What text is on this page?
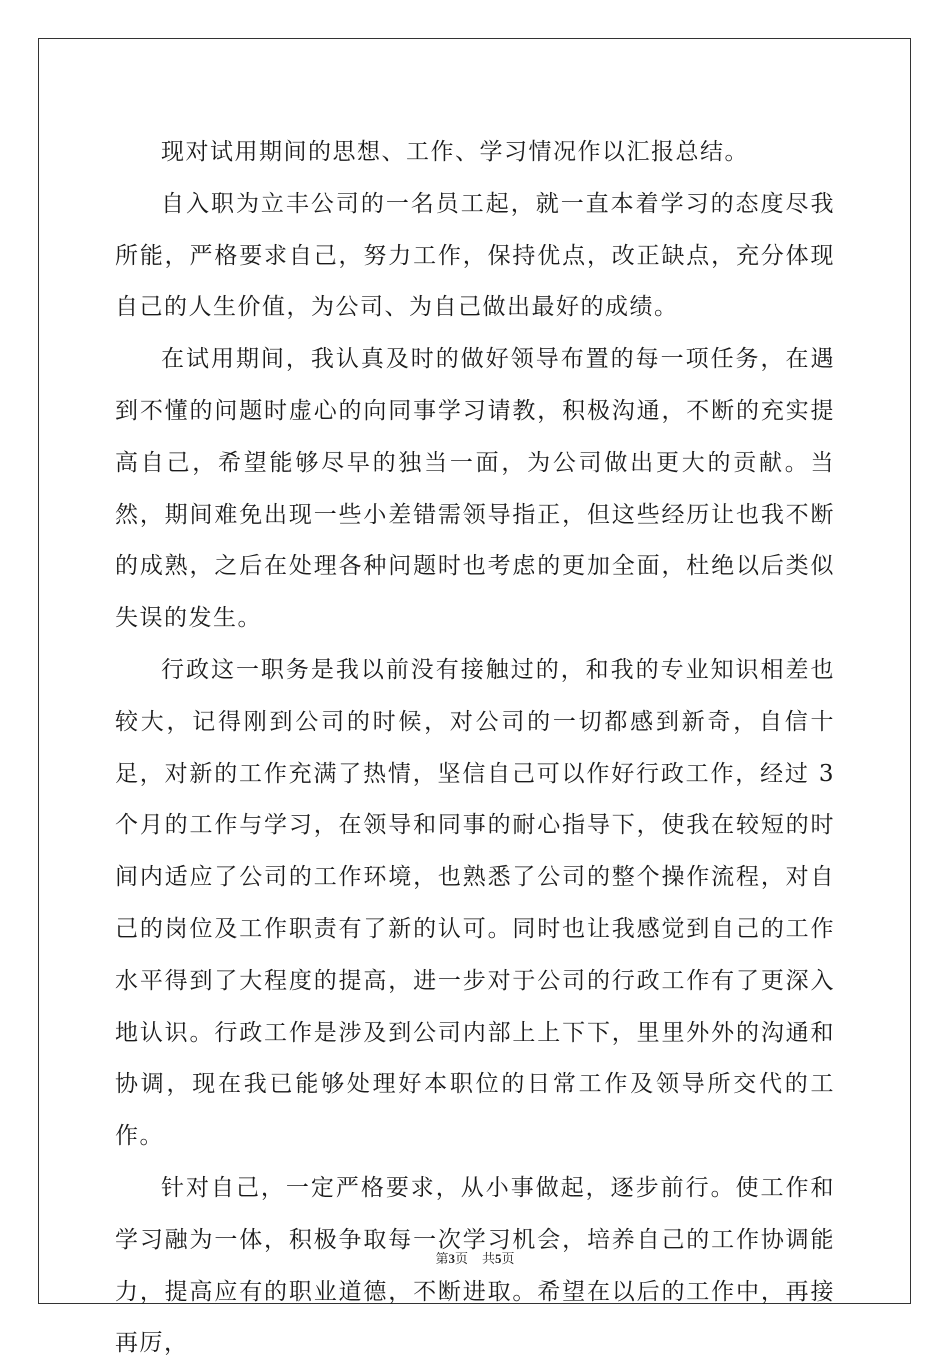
现对试用期间的思想、工作、学习情况作以汇报总结。

自入职为立丰公司的一名员工起，就一直本着学习的态度尽我所能，严格要求自己，努力工作，保持优点，改正缺点，充分体现自己的人生价值，为公司、为自己做出最好的成绩。

在试用期间，我认真及时的做好领导布置的每一项任务，在遇到不懂的问题时虚心的向同事学习请教，积极沟通，不断的充实提高自己，希望能够尽早的独当一面，为公司做出更大的贡献。当然，期间难免出现一些小差错需领导指正，但这些经历让也我不断的成熟，之后在处理各种问题时也考虑的更加全面，杜绝以后类似失误的发生。

行政这一职务是我以前没有接触过的，和我的专业知识相差也较大，记得刚到公司的时候，对公司的一切都感到新奇，自信十足，对新的工作充满了热情，坚信自己可以作好行政工作，经过 3 个月的工作与学习，在领导和同事的耐心指导下，使我在较短的时间内适应了公司的工作环境，也熟悉了公司的整个操作流程，对自己的岗位及工作职责有了新的认可。同时也让我感觉到自己的工作水平得到了大程度的提高，进一步对于公司的行政工作有了更深入地认识。行政工作是涉及到公司内部上上下下，里里外外的沟通和协调，现在我已能够处理好本职位的日常工作及领导所交代的工作。

针对自己，一定严格要求，从小事做起，逐步前行。使工作和学习融为一体，积极争取每一次学习机会，培养自己的工作协调能力，提高应有的职业道德，不断进取。希望在以后的工作中，再接再厉，

第3页 共5页
